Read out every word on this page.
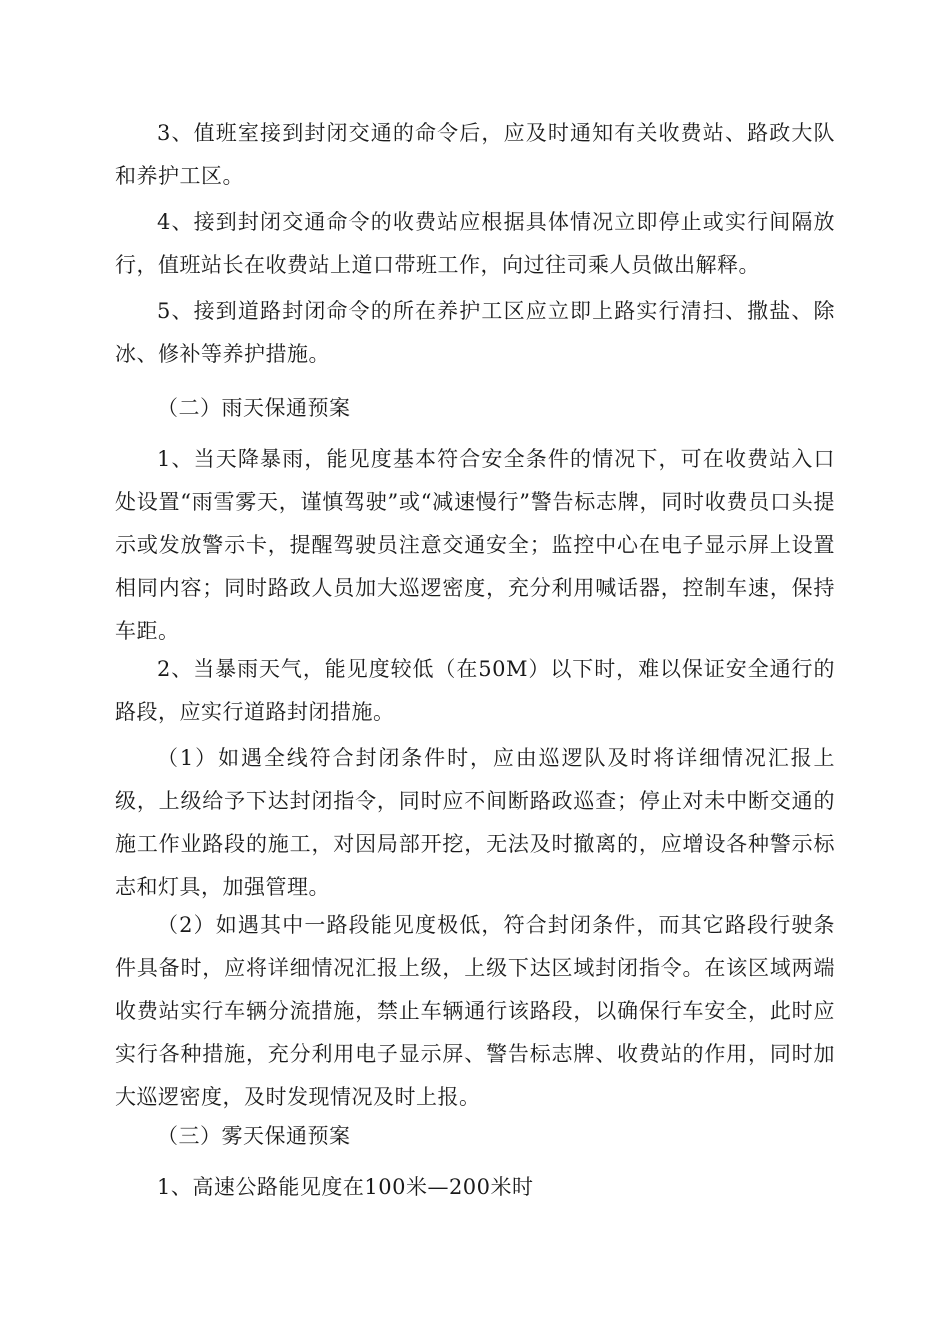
3、值班室接到封闭交通的命令后，应及时通知有关收费站、路政大队和养护工区。

4、接到封闭交通命令的收费站应根据具体情况立即停止或实行间隔放行，值班站长在收费站上道口带班工作，向过往司乘人员做出解释。

5、接到道路封闭命令的所在养护工区应立即上路实行清扫、撒盐、除冰、修补等养护措施。

（二）雨天保通预案

1、当天降暴雨，能见度基本符合安全条件的情况下，可在收费站入口处设置“雨雪雾天，谨慎驾驶”或“减速慢行”警告标志牌，同时收费员口头提示或发放警示卡，提醒驾驶员注意交通安全；监控中心在电子显示屏上设置相同内容；同时路政人员加大巡逻密度，充分利用喊话器，控制车速，保持车距。

2、当暴雨天气，能见度较低（在50M）以下时，难以保证安全通行的路段，应实行道路封闭措施。

（1）如遇全线符合封闭条件时，应由巡逻队及时将详细情况汇报上级，上级给予下达封闭指令，同时应不间断路政巡查；停止对未中断交通的施工作业路段的施工，对因局部开挖，无法及时撤离的，应增设各种警示标志和灯具，加强管理。

（2）如遇其中一路段能见度极低，符合封闭条件，而其它路段行驶条件具备时，应将详细情况汇报上级，上级下达区域封闭指令。在该区域两端收费站实行车辆分流措施，禁止车辆通行该路段，以确保行车安全，此时应实行各种措施，充分利用电子显示屏、警告标志牌、收费站的作用，同时加大巡逻密度，及时发现情况及时上报。

（三）雾天保通预案

1、高速公路能见度在100米—200米时
